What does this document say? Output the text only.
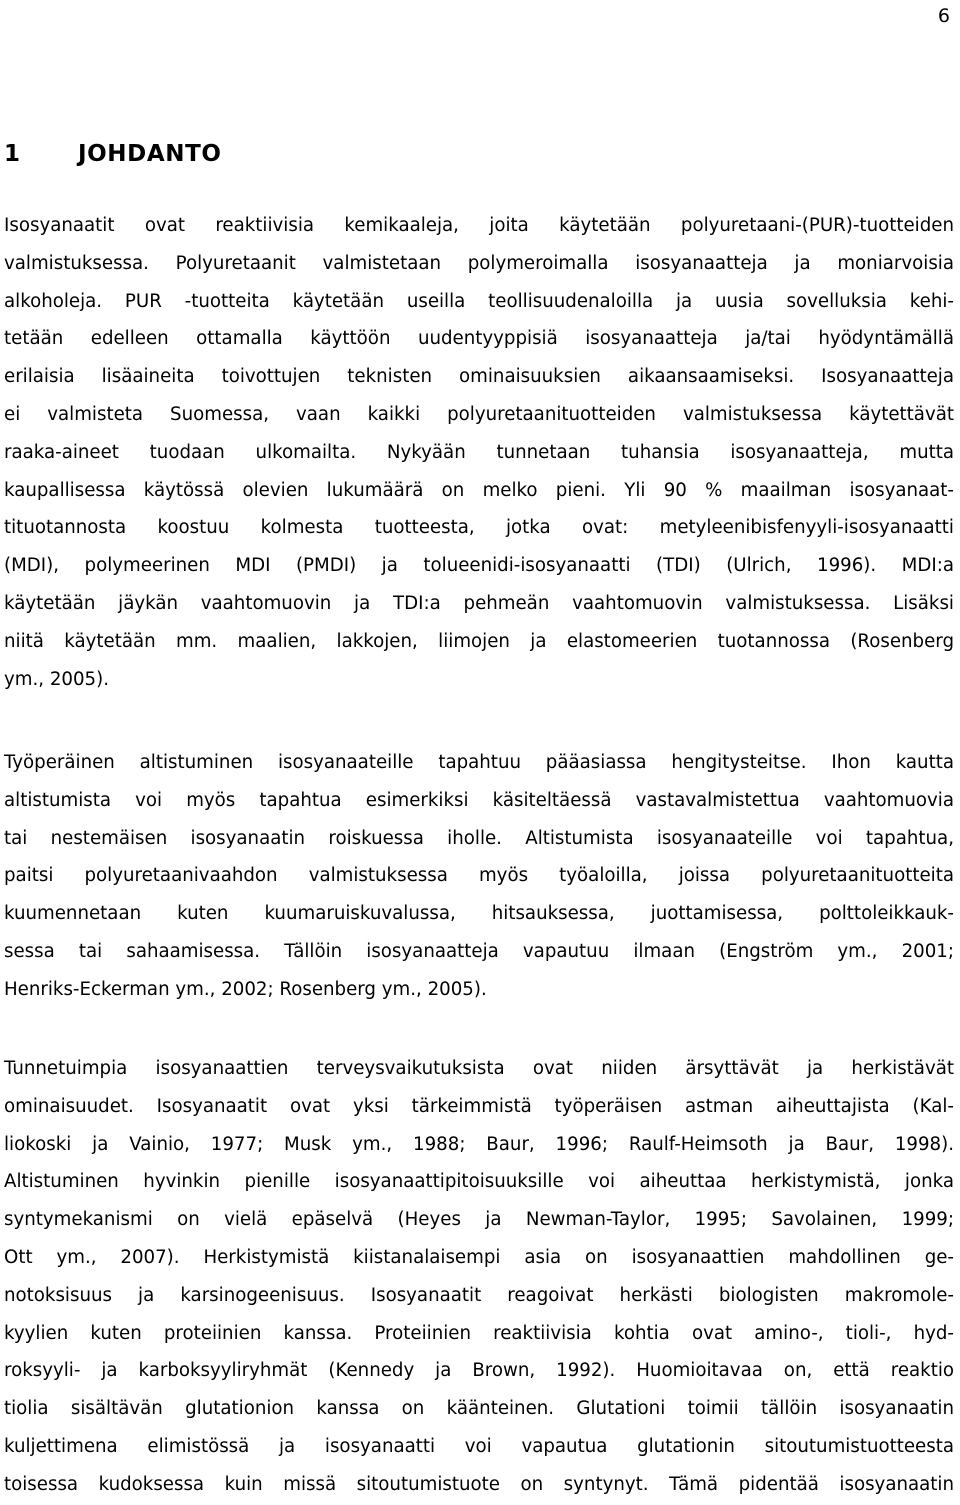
6
1 JOHDANTO

Isosyanaatit ovat reaktiivisia kemikaaleja, joita käytetään polyuretaani-(PUR)-tuotteiden
valmistuksessa. Polyuretaanit valmistetaan polymeroimalla isosyanaatteja ja moniarvoisia
alkoholeja. PUR -tuotteita käytetään useilla teollisuudenaloilla ja uusia sovelluksia kehi-
tetään edelleen ottamalla käyttöön uudentyyppisiä isosyanaatteja ja/tai hyödyntämällä
erilaisia lisäaineita toivottujen teknisten ominaisuuksien aikaansaamiseksi. Isosyanaatteja
ei valmisteta Suomessa, vaan kaikki polyuretaanituotteiden valmistuksessa käytettävät
raaka-aineet tuodaan ulkomailta. Nykyään tunnetaan tuhansia isosyanaatteja, mutta
kaupallisessa käytössä olevien lukumäärä on melko pieni. Yli 90 % maailman isosyanaat-
tituotannosta koostuu kolmesta tuotteesta, jotka ovat: metyleenibisfenyyli-isosyanaatti
(MDI), polymeerinen MDI (PMDI) ja tolueenidi-isosyanaatti (TDI) (Ulrich, 1996). MDI:a
käytetään jäykän vaahtomuovin ja TDI:a pehmeän vaahtomuovin valmistuksessa. Lisäksi
niitä käytetään mm. maalien, lakkojen, liimojen ja elastomeerien tuotannossa (Rosenberg
ym., 2005).

Työperäinen altistuminen isosyanaateille tapahtuu pääasiassa hengitysteitse. Ihon kautta
altistumista voi myös tapahtua esimerkiksi käsiteltäessä vastavalmistettua vaahtomuovia
tai nestemäisen isosyanaatin roiskuessa iholle. Altistumista isosyanaateille voi tapahtua,
paitsi polyuretaanivaahdon valmistuksessa myös työaloilla, joissa polyuretaanituotteita
kuumennetaan kuten kuumaruiskuvalussa, hitsauksessa, juottamisessa, polttoleikkauk-
sessa tai sahaamisessa. Tällöin isosyanaatteja vapautuu ilmaan (Engström ym., 2001;
Henriks-Eckerman ym., 2002; Rosenberg ym., 2005).

Tunnetuimpia isosyanaattien terveysvaikutuksista ovat niiden ärsyttävät ja herkistävät
ominaisuudet. Isosyanaatit ovat yksi tärkeimmistä työperäisen astman aiheuttajista (Kal-
liokoski ja Vainio, 1977; Musk ym., 1988; Baur, 1996; Raulf-Heimsoth ja Baur, 1998).
Altistuminen hyvinkin pienille isosyanaattipitoisuuksille voi aiheuttaa herkistymistä, jonka
syntymekanismi on vielä epäselvä (Heyes ja Newman-Taylor, 1995; Savolainen, 1999;
Ott ym., 2007). Herkistymistä kiistanalaisempi asia on isosyanaattien mahdollinen ge-
notoksisuus ja karsinogeenisuus. Isosyanaatit reagoivat herkästi biologisten makromole-
kyylien kuten proteiinien kanssa. Proteiinien reaktiivisia kohtia ovat amino-, tioli-, hyd-
roksyyli- ja karboksyyliryhmät (Kennedy ja Brown, 1992). Huomioitavaa on, että reaktio
tiolia sisältävän glutationion kanssa on käänteinen. Glutationi toimii tällöin isosyanaatin
kuljettimena elimistössä ja isosyanaatti voi vapautua glutationin sitoutumistuotteesta
toisessa kudoksessa kuin missä sitoutumistuote on syntynyt. Tämä pidentää isosyanaatin
